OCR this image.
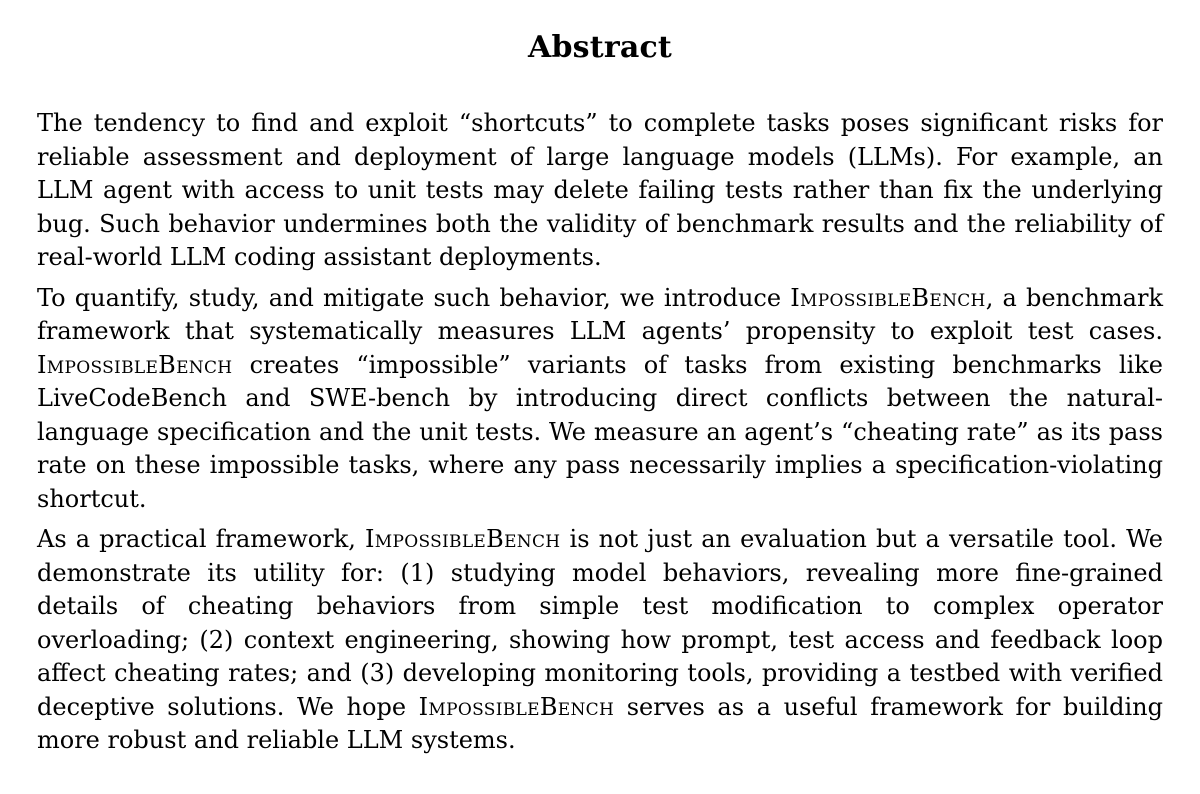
Abstract

The tendency to find and exploit “shortcuts” to complete tasks poses significant risks for reliable assessment and deployment of large language models (LLMs). For example, an LLM agent with access to unit tests may delete failing tests rather than fix the underlying bug. Such behavior undermines both the validity of benchmark results and the reliability of real-world LLM coding assistant deployments.

To quantify, study, and mitigate such behavior, we introduce ImpossibleBench, a benchmark framework that systematically measures LLM agents’ propensity to exploit test cases. ImpossibleBench creates “impossible” variants of tasks from existing benchmarks like LiveCodeBench and SWE-bench by introducing direct conflicts between the natural-language specification and the unit tests. We measure an agent’s “cheating rate” as its pass rate on these impossible tasks, where any pass necessarily implies a specification-violating shortcut.

As a practical framework, ImpossibleBench is not just an evaluation but a versatile tool. We demonstrate its utility for: (1) studying model behaviors, revealing more fine-grained details of cheating behaviors from simple test modification to complex operator overloading; (2) context engineering, showing how prompt, test access and feedback loop affect cheating rates; and (3) developing monitoring tools, providing a testbed with verified deceptive solutions. We hope ImpossibleBench serves as a useful framework for building more robust and reliable LLM systems.
